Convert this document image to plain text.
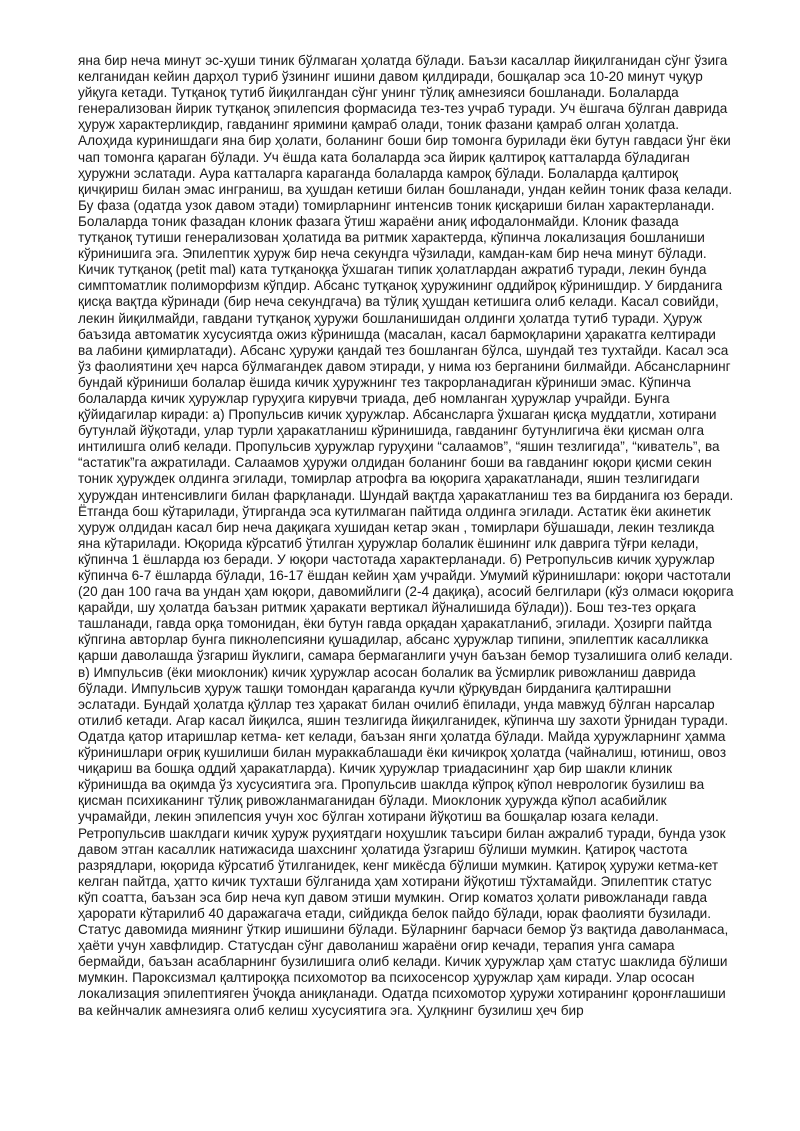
яна бир неча минут эс-ҳуши тиник бўлмаган ҳолатда бўлади. Баъзи касаллар йиқилганидан сўнг ўзига келганидан кейин дарҳол туриб ўзининг ишини давом қилдиради, бошқалар эса 10-20 минут чуқур уйқуга кетади. Тутқаноқ тутиб йиқилгандан сўнг унинг тўлиқ амнезияси бошланади. Болаларда генерализован йирик тутқаноқ эпилепсия формасида тез-тез учраб туради. Уч ёшгача бўлган даврида ҳуруж характерликдир, гавданинг яримини қамраб олади, тоник фазани қамраб олган ҳолатда. Алоҳида куринишдаги яна бир ҳолати, боланинг боши бир томонга бурилади ёки бутун гавдаси ўнг ёки чап томонга қараган бўлади. Уч ёшда ката болаларда эса йирик қалтироқ катталарда бўладиган ҳуружни эслатади. Аура катталарга караганда болаларда камроқ бўлади. Болаларда қалтироқ қичқириш билан эмас инграниш, ва ҳушдан кетиши билан бошланади, ундан кейин тоник фаза келади. Бу фаза (одатда узок давом этади) томирларнинг интенсив тоник қисқариши билан характерланади. Болаларда тоник фазадан клоник фазага ўтиш жараёни аниқ ифодалонмайди. Клоник фазада тутқаноқ тутиши генерализован ҳолатида ва ритмик характерда, кўпинча локализация бошланиши кўринишига эга. Эпилептик ҳуруж бир неча секундга чўзилади, камдан-кам бир неча минут бўлади. Кичик тутқаноқ (petit mal) ката тутқаноққа ўхшаган типик ҳолатлардан ажратиб туради, лекин бунда симптоматлик полиморфизм кўпдир. Абсанс тутқаноқ ҳуружининг оддийроқ кўринишдир. У бирданига қисқа вақтда кўринади (бир неча секундгача) ва тўлиқ ҳушдан кетишига олиб келади. Касал совийди, лекин йиқилмайди, гавдани тутқаноқ ҳуружи бошланишидан олдинги ҳолатда тутиб туради. Ҳуруж баъзида автоматик хусусиятда ожиз кўринишда (масалан, касал бармоқларини ҳаракатга келтиради ва лабини қимирлатади). Абсанс ҳуружи қандай тез бошланган бўлса, шундай тез тухтайди. Касал эса ўз фаолиятини ҳеч нарса бўлмагандек давом этиради, у нима юз берганини билмайди. Абсансларнинг бундай кўриниши болалар ёшида кичик ҳуружнинг тез такрорланадиган кўриниши эмас. Кўпинча болаларда кичик ҳуружлар гуруҳига кирувчи триада, деб номланган ҳуружлар учрайди. Бунга қўйидагилар киради: а) Пропульсив кичик ҳуружлар. Абсансларга ўхшаган қисқа муддатли, хотирани бутунлай йўқотади, улар турли ҳаракатланиш кўринишида, гавданинг бутунлигича ёки қисман олга интилишга олиб келади. Пропульсив ҳуружлар гуруҳини “салаамов”, “яшин тезлигида”, “киватель”, ва “астатик”га ажратилади. Салаамов ҳуружи олдидан боланинг боши ва гавданинг юқори қисми секин тоник ҳуруждек олдинга эгилади, томирлар атрофга ва юқорига ҳаракатланади, яшин тезлигидаги ҳуруждан интенсивлиги билан фарқланади. Шундай вақтда ҳаракатланиш тез ва бирданига юз беради. Ётганда бош кўтарилади, ўтирганда эса кутилмаган пайтида олдинга эгилади. Астатик ёки акинетик ҳуруж олдидан касал бир неча дақиқага хушидан кетар экан , томирлари бўшашади, лекин тезликда яна кўтарилади. Юқорида кўрсатиб ўтилган ҳуружлар болалик ёшининг илк даврига тўғри келади, кўпинча 1 ёшларда юз беради. У юқори частотада характерланади. б) Ретропульсив кичик ҳуружлар кўпинча 6-7 ёшларда бўлади, 16-17 ёшдан кейин ҳам учрайди. Умумий кўринишлари: юқори частотали (20 дан 100 гача ва ундан ҳам юқори, давомийлиги (2-4 дақиқа), асосий белгилари (кўз олмаси юқорига қарайди, шу ҳолатда баъзан ритмик ҳаракати вертикал йўналишида бўлади)). Бош тез-тез орқага ташланади, гавда орқа томонидан, ёки бутун гавда орқадан ҳаракатланиб, эгилади. Ҳозирги пайтда кўпгина авторлар бунга пикнолепсияни қушадилар, абсанс ҳуружлар типини, эпилептик касалликка қарши даволашда ўзгариш йуклиги, самара бермаганлиги учун баъзан бемор тузалишига олиб келади. в) Импульсив (ёки миоклоник) кичик ҳуружлар асосан болалик ва ўсмирлик ривожланиш даврида бўлади. Импульсив ҳуруж ташқи томондан қараганда кучли қўрқувдан бирданига қалтирашни эслатади. Бундай ҳолатда қўллар тез ҳаракат билан очилиб ёпилади, унда мавжуд бўлган нарсалар отилиб кетади. Агар касал йиқилса, яшин тезлигида йиқилганидек, кўпинча шу захоти ўрнидан туради. Одатда қатор итаришлар кетма- кет келади, баъзан янги ҳолатда бўлади. Майда ҳуружларнинг ҳамма кўринишлари оғриқ кушилиши билан мураккаблашади ёки кичикроқ ҳолатда (чайналиш, ютиниш, овоз чиқариш ва бошқа оддий ҳаракатларда). Кичик ҳуружлар триадасининг ҳар бир шакли клиник кўринишда ва оқимда ўз хусусиятига эга. Пропульсив шаклда кўпроқ кўпол неврологик бузилиш ва қисман психиканинг тўлиқ ривожланмаганидан бўлади. Миоклоник ҳуружда кўпол асабийлик учрамайди, лекин эпилепсия учун хос бўлган хотирани йўқотиш ва бошқалар юзага келади. Ретропульсив шаклдаги кичик ҳуруж руҳиятдаги ноҳушлик таъсири билан ажралиб туради, бунда узок давом этган касаллик натижасида шахснинг ҳолатида ўзгариш бўлиши мумкин. Қатироқ частота разрядлари, юқорида кўрсатиб ўтилганидек, кенг микёсда бўлиши мумкин. Қатироқ ҳуружи кетма-кет келган пайтда, ҳатто кичик тухташи бўлганида ҳам хотирани йўқотиш тўхтамайди. Эпилептик статус кўп соатта, баъзан эса бир неча куп давом этиши мумкин. Огир коматоз ҳолати ривожланади гавда ҳарорати кўтарилиб 40 даражагача етади, сийдикда белок пайдо бўлади, юрак фаолияти бузилади. Статус давомида миянинг ўткир ишишини бўлади. Бўларнинг барчаси бемор ўз вақтида даволанмаса, ҳаёти учун хавфлидир. Статусдан сўнг даволаниш жараёни оғир кечади, терапия унга самара бермайди, баъзан асабларнинг бузилишига олиб келади. Кичик ҳуружлар ҳам статус шаклида бўлиши мумкин. Пароксизмал қалтироққа психомотор ва психосенсор ҳуружлар ҳам киради. Улар ососан локализация эпилептияген ўчоқда аниқланади. Одатда психомотор ҳуружи хотиранинг қоронғлашиши ва кейнчалик амнезияга олиб келиш хусусиятига эга. Ҳулқнинг бузилиш ҳеч бир
